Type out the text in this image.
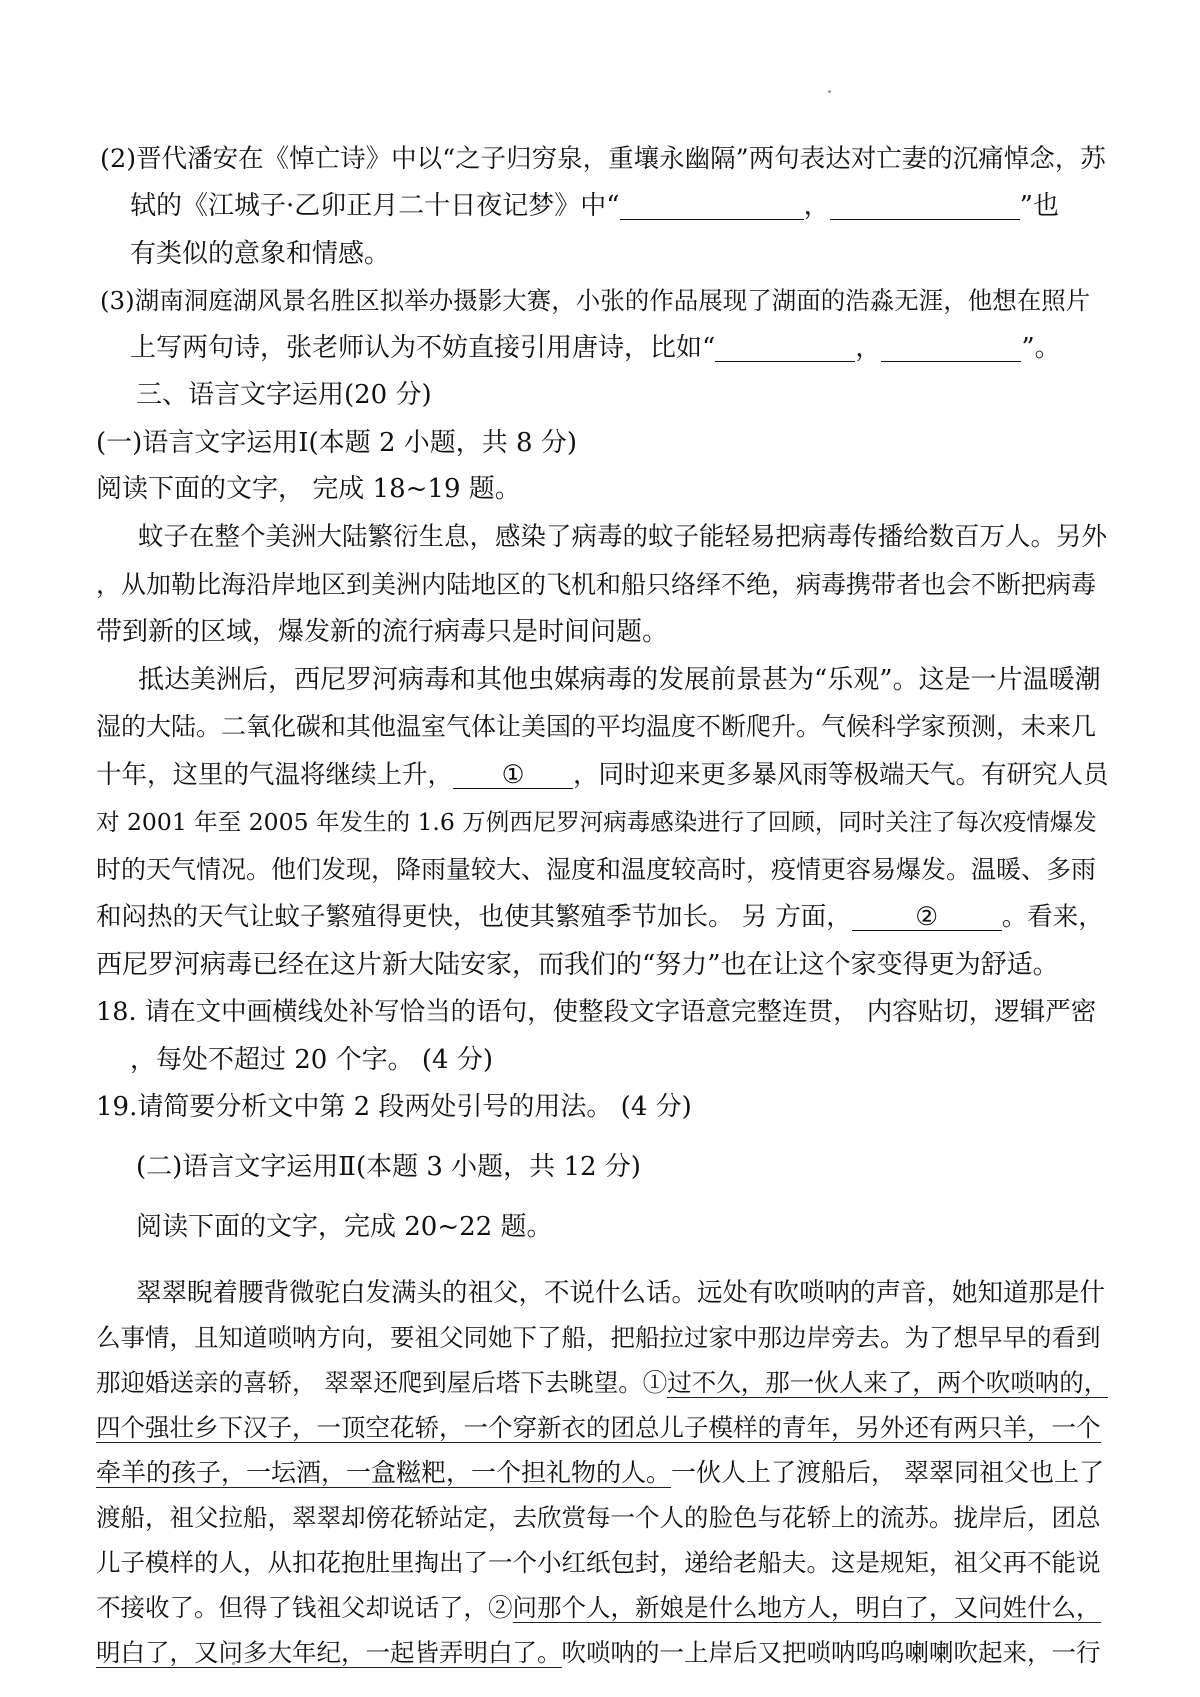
(2)晋代潘安在《悼亡诗》中以“之子归穷泉，重壤永幽隔”两句表达对亡妻的沉痛悼念，苏
轼的《江城子·乙卯正月二十日夜记梦》中“	，	”也
有类似的意象和情感。
(3)湖南洞庭湖风景名胜区拟举办摄影大赛，小张的作品展现了湖面的浩淼无涯，他想在照片
上写两句诗，张老师认为不妨直接引用唐诗，比如“	，	”。
三、语言文字运用(20 分)
(一)语言文字运用Ⅰ(本题 2 小题，共 8 分)
阅读下面的文字， 完成 18~19 题。
蚊子在整个美洲大陆繁衍生息，感染了病毒的蚊子能轻易把病毒传播给数百万人。另外
，从加勒比海沿岸地区到美洲内陆地区的飞机和船只络绎不绝，病毒携带者也会不断把病毒
带到新的区域，爆发新的流行病毒只是时间问题。
抵达美洲后，西尼罗河病毒和其他虫媒病毒的发展前景甚为“乐观”。这是一片温暖潮
湿的大陆。二氧化碳和其他温室气体让美国的平均温度不断爬升。气候科学家预测，未来几
十年，这里的气温将继续上升， ① ，同时迎来更多暴风雨等极端天气。有研究人员
对 2001 年至 2005 年发生的 1.6 万例西尼罗河病毒感染进行了回顾，同时关注了每次疫情爆发
时的天气情况。他们发现，降雨量较大、湿度和温度较高时，疫情更容易爆发。温暖、多雨
和闷热的天气让蚊子繁殖得更快，也使其繁殖季节加长。 另 方面， ② 。看来，
西尼罗河病毒已经在这片新大陆安家，而我们的“努力”也在让这个家变得更为舒适。
18. 请在文中画横线处补写恰当的语句，使整段文字语意完整连贯， 内容贴切，逻辑严密
，每处不超过 20 个字。 (4 分)
19.请简要分析文中第 2 段两处引号的用法。 (4 分)
(二)语言文字运用Ⅱ(本题 3 小题，共 12 分)
阅读下面的文字，完成 20~22 题。
翠翠睨着腰背微驼白发满头的祖父，不说什么话。远处有吹唢呐的声音，她知道那是什
么事情，且知道唢呐方向，要祖父同她下了船，把船拉过家中那边岸旁去。为了想早早的看到
那迎婚送亲的喜轿， 翠翠还爬到屋后塔下去眺望。①过不久，那一伙人来了，两个吹唢呐的，
四个强壮乡下汉子，一顶空花轿，一个穿新衣的团总儿子模样的青年，另外还有两只羊，一个
牵羊的孩子，一坛酒，一盒糍粑，一个担礼物的人。一伙人上了渡船后， 翠翠同祖父也上了
渡船，祖父拉船，翠翠却傍花轿站定，去欣赏每一个人的脸色与花轿上的流苏。拢岸后，团总
儿子模样的人，从扣花抱肚里掏出了一个小红纸包封，递给老船夫。这是规矩，祖父再不能说
不接收了。但得了钱祖父却说话了，②问那个人，新娘是什么地方人，明白了，又问姓什么，
明白了，又问多大年纪，一起皆弄明白了。吹唢呐的一上岸后又把唢呐呜呜喇喇吹起来，一行
